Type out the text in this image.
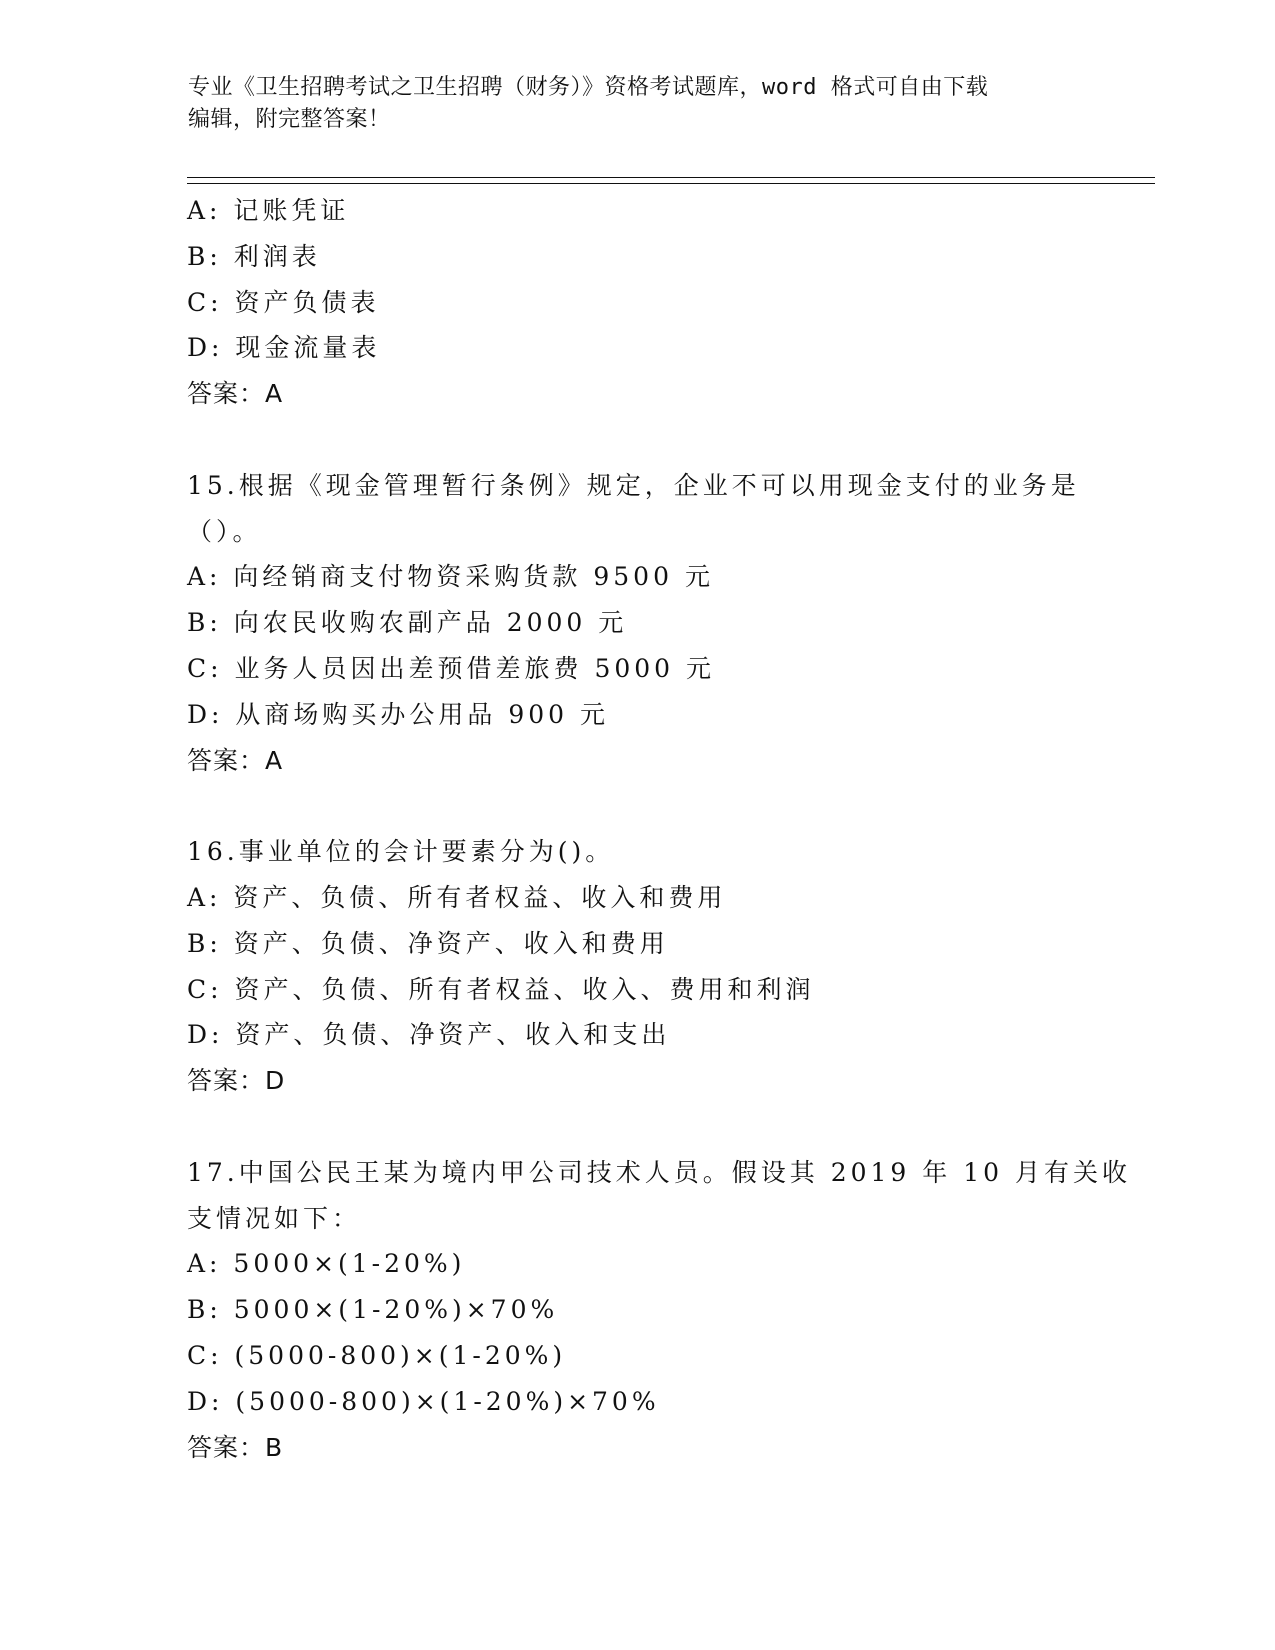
专业《卫生招聘考试之卫生招聘（财务）》资格考试题库，word 格式可自由下载
编辑，附完整答案！
A: 记账凭证
B: 利润表
C: 资产负债表
D: 现金流量表
答案：A
15.根据《现金管理暂行条例》规定，企业不可以用现金支付的业务是
（）。
A: 向经销商支付物资采购货款 9500 元
B: 向农民收购农副产品 2000 元
C: 业务人员因出差预借差旅费 5000 元
D: 从商场购买办公用品 900 元
答案：A
16.事业单位的会计要素分为()。
A: 资产、负债、所有者权益、收入和费用
B: 资产、负债、净资产、收入和费用
C: 资产、负债、所有者权益、收入、费用和利润
D: 资产、负债、净资产、收入和支出
答案：D
17.中国公民王某为境内甲公司技术人员。假设其 2019 年 10 月有关收
支情况如下：
A: 5000×(1-20%)
B: 5000×(1-20%)×70%
C: (5000-800)×(1-20%)
D: (5000-800)×(1-20%)×70%
答案：B
